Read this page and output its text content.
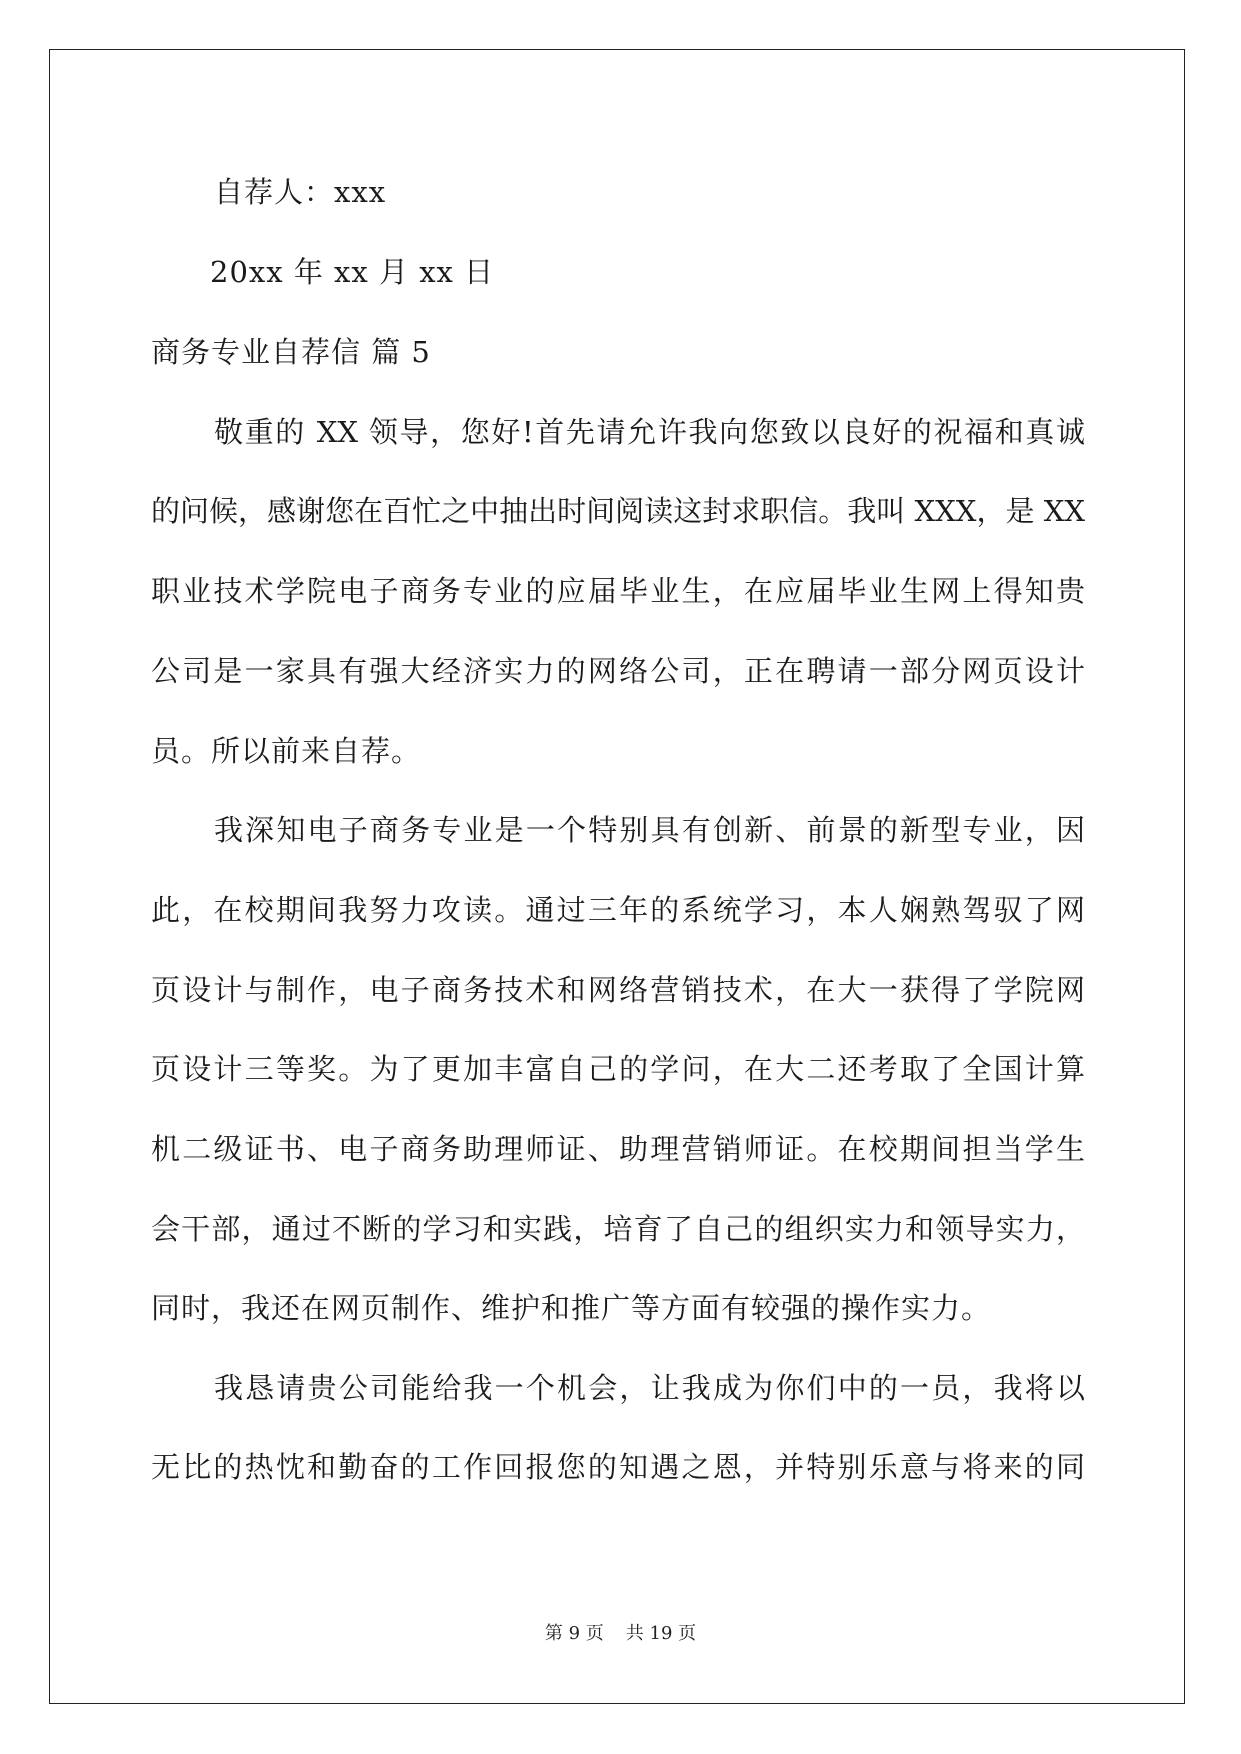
自荐人：xxx
20xx 年 xx 月 xx 日
商务专业自荐信 篇 5
敬重的 XX 领导，您好!首先请允许我向您致以良好的祝福和真诚
的问候，感谢您在百忙之中抽出时间阅读这封求职信。我叫 XXX，是 XX
职业技术学院电子商务专业的应届毕业生，在应届毕业生网上得知贵
公司是一家具有强大经济实力的网络公司，正在聘请一部分网页设计
员。所以前来自荐。
我深知电子商务专业是一个特别具有创新、前景的新型专业，因
此，在校期间我努力攻读。通过三年的系统学习，本人娴熟驾驭了网
页设计与制作，电子商务技术和网络营销技术，在大一获得了学院网
页设计三等奖。为了更加丰富自己的学问，在大二还考取了全国计算
机二级证书、电子商务助理师证、助理营销师证。在校期间担当学生
会干部，通过不断的学习和实践，培育了自己的组织实力和领导实力，
同时，我还在网页制作、维护和推广等方面有较强的操作实力。
我恳请贵公司能给我一个机会，让我成为你们中的一员，我将以
无比的热忱和勤奋的工作回报您的知遇之恩，并特别乐意与将来的同
第 9 页 共 19 页
